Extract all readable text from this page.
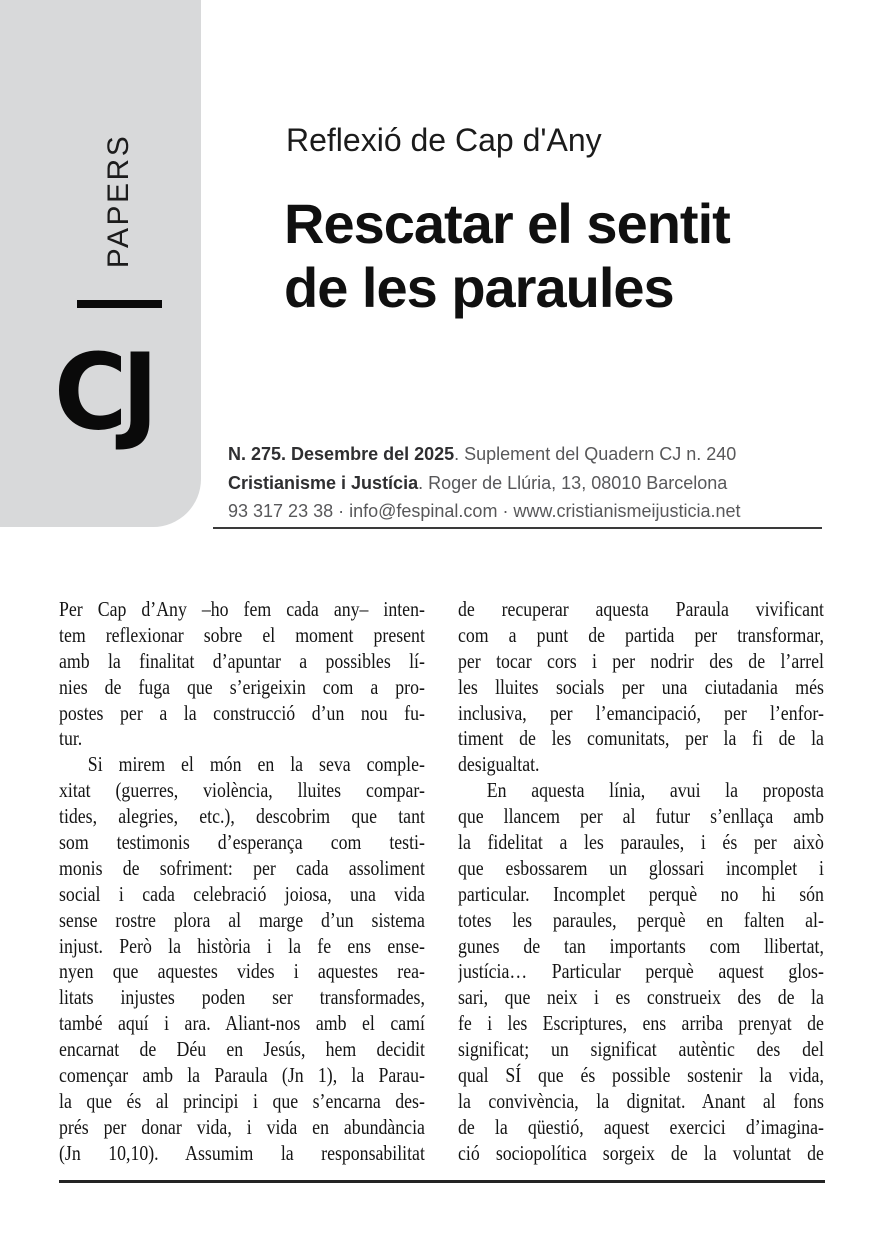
PAPERS
CJ
Reflexió de Cap d'Any
Rescatar el sentit
de les paraules
N. 275. Desembre del 2025. Suplement del Quadern CJ n. 240
Cristianisme i Justícia. Roger de Llúria, 13, 08010 Barcelona
93 317 23 38 · info@fespinal.com · www.cristianismeijusticia.net
Per Cap d’Any –ho fem cada any– inten-
tem reflexionar sobre el moment present
amb la finalitat d’apuntar a possibles lí-
nies de fuga que s’erigeixin com a pro-
postes per a la construcció d’un nou fu-
tur.
Si mirem el món en la seva comple-
xitat (guerres, violència, lluites compar-
tides, alegries, etc.), descobrim que tant
som testimonis d’esperança com testi-
monis de sofriment: per cada assoliment
social i cada celebració joiosa, una vida
sense rostre plora al marge d’un sistema
injust. Però la història i la fe ens ense-
nyen que aquestes vides i aquestes rea-
litats injustes poden ser transformades,
també aquí i ara. Aliant-nos amb el camí
encarnat de Déu en Jesús, hem decidit
començar amb la Paraula (Jn 1), la Parau-
la que és al principi i que s’encarna des-
prés per donar vida, i vida en abundància
(Jn 10,10). Assumim la responsabilitat
de recuperar aquesta Paraula vivificant
com a punt de partida per transformar,
per tocar cors i per nodrir des de l’arrel
les lluites socials per una ciutadania més
inclusiva, per l’emancipació, per l’enfor-
timent de les comunitats, per la fi de la
desigualtat.
En aquesta línia, avui la proposta
que llancem per al futur s’enllaça amb
la fidelitat a les paraules, i és per això
que esbossarem un glossari incomplet i
particular. Incomplet perquè no hi són
totes les paraules, perquè en falten al-
gunes de tan importants com llibertat,
justícia… Particular perquè aquest glos-
sari, que neix i es construeix des de la
fe i les Escriptures, ens arriba prenyat de
significat; un significat autèntic des del
qual SÍ que és possible sostenir la vida,
la convivència, la dignitat. Anant al fons
de la qüestió, aquest exercici d’imagina-
ció sociopolítica sorgeix de la voluntat de
